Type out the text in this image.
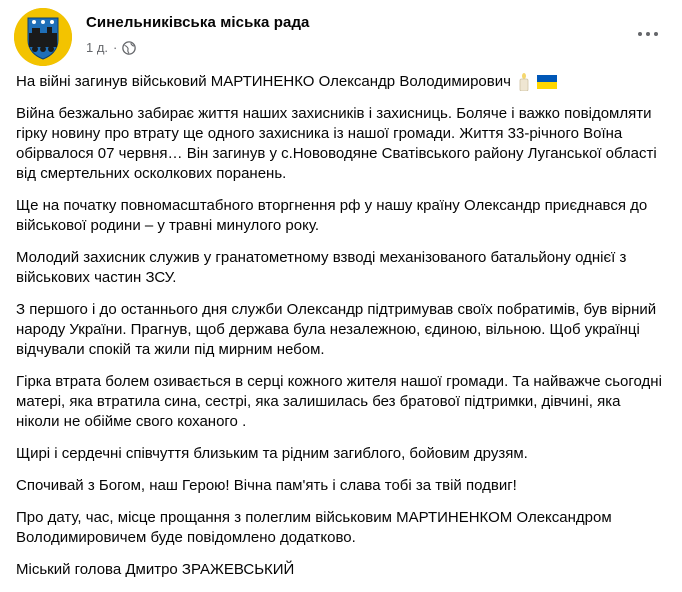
Синельниківська міська рада
1 д. ·
На війні загинув військовий МАРТИНЕНКО Олександр Володимирович

Війна безжально забирає життя наших захисників і захисниць. Боляче і важко повідомляти гірку новину про втрату ще одного захисника із нашої громади. Життя 33-річного Воїна обірвалося 07 червня… Він загинув у с.Нововодяне Сватівського району Луганської області від смертельних осколкових поранень.

Ще на початку повномасштабного вторгнення рф у нашу країну Олександр приєднався до військової родини – у травні минулого року.

Молодий захисник служив у гранатометному взводі механізованого батальйону однієї з військових частин ЗСУ.

З першого і до останнього дня служби Олександр підтримував своїх побратимів, був вірний народу України. Прагнув, щоб держава була незалежною, єдиною, вільною. Щоб українці відчували спокій та жили під мирним небом.

Гірка втрата болем озивається в серці кожного жителя нашої громади. Та найважче сьогодні матері, яка втратила сина, сестрі, яка залишилась без братової підтримки, дівчині, яка ніколи не обійме свого коханого .

Щирі і сердечні співчуття близьким та рідним загиблого, бойовим друзям.

Спочивай з Богом, наш Герою! Вічна пам'ять і слава тобі за твій подвиг!

Про дату, час, місце прощання з полеглим військовим МАРТИНЕНКОМ Олександром Володимировичем буде повідомлено додатково.

Міський голова Дмитро ЗРАЖЕВСЬКИЙ
